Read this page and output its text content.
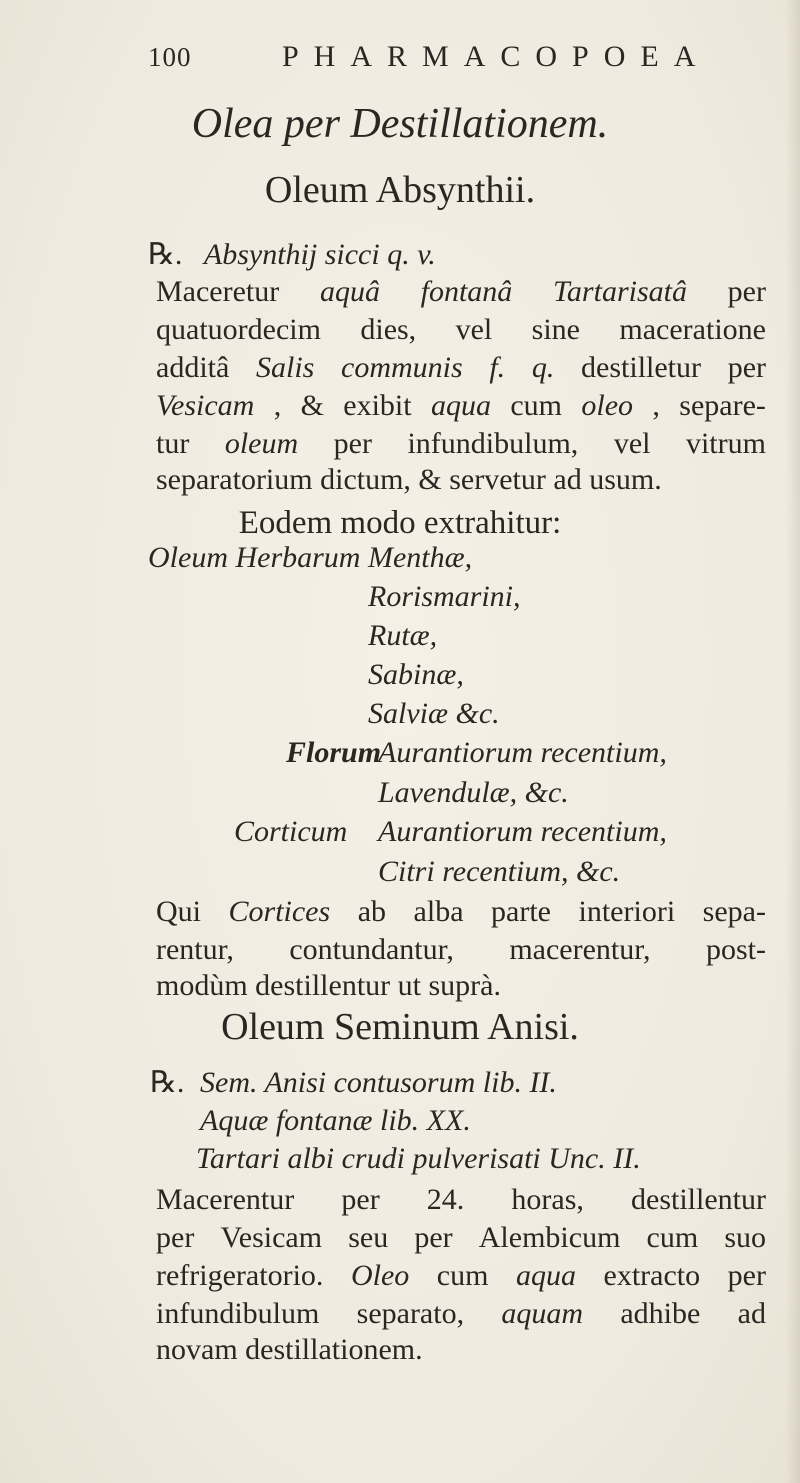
100	PHARMACOPOEA
Olea per Destillationem.
Oleum Absynthii.
℞. Absynthij sicci q. v.
Maceretur aquâ fontanâ Tartarisatâ per
quatuordecim dies, vel sine maceratione
additâ Salis communis f. q. destilletur per
Vesicam , & exibit aqua cum oleo , separe-
tur oleum per infundibulum, vel vitrum
separatorium dictum, & servetur ad usum.
Eodem modo extrahitur:
Oleum Herbarum Menthæ,
Rorismarini,
Rutæ,
Sabinæ,
Salviæ &c.
Florum
Aurantiorum recentium,
Lavendulæ, &c.
Corticum Aurantiorum recentium,
Citri recentium, &c.
Qui Cortices ab alba parte interiori sepa-
rentur, contundantur, macerentur, post-
modùm destillentur ut suprà.
Oleum Seminum Anisi.
℞. Sem. Anisi contusorum lib. II.
Aquæ fontanæ lib. XX.
Tartari albi crudi pulverisati Unc. II.
Macerentur per 24. horas, destillentur
per Vesicam seu per Alembicum cum suo
refrigeratorio. Oleo cum aqua extracto per
infundibulum separato, aquam adhibe ad
novam destillationem.
